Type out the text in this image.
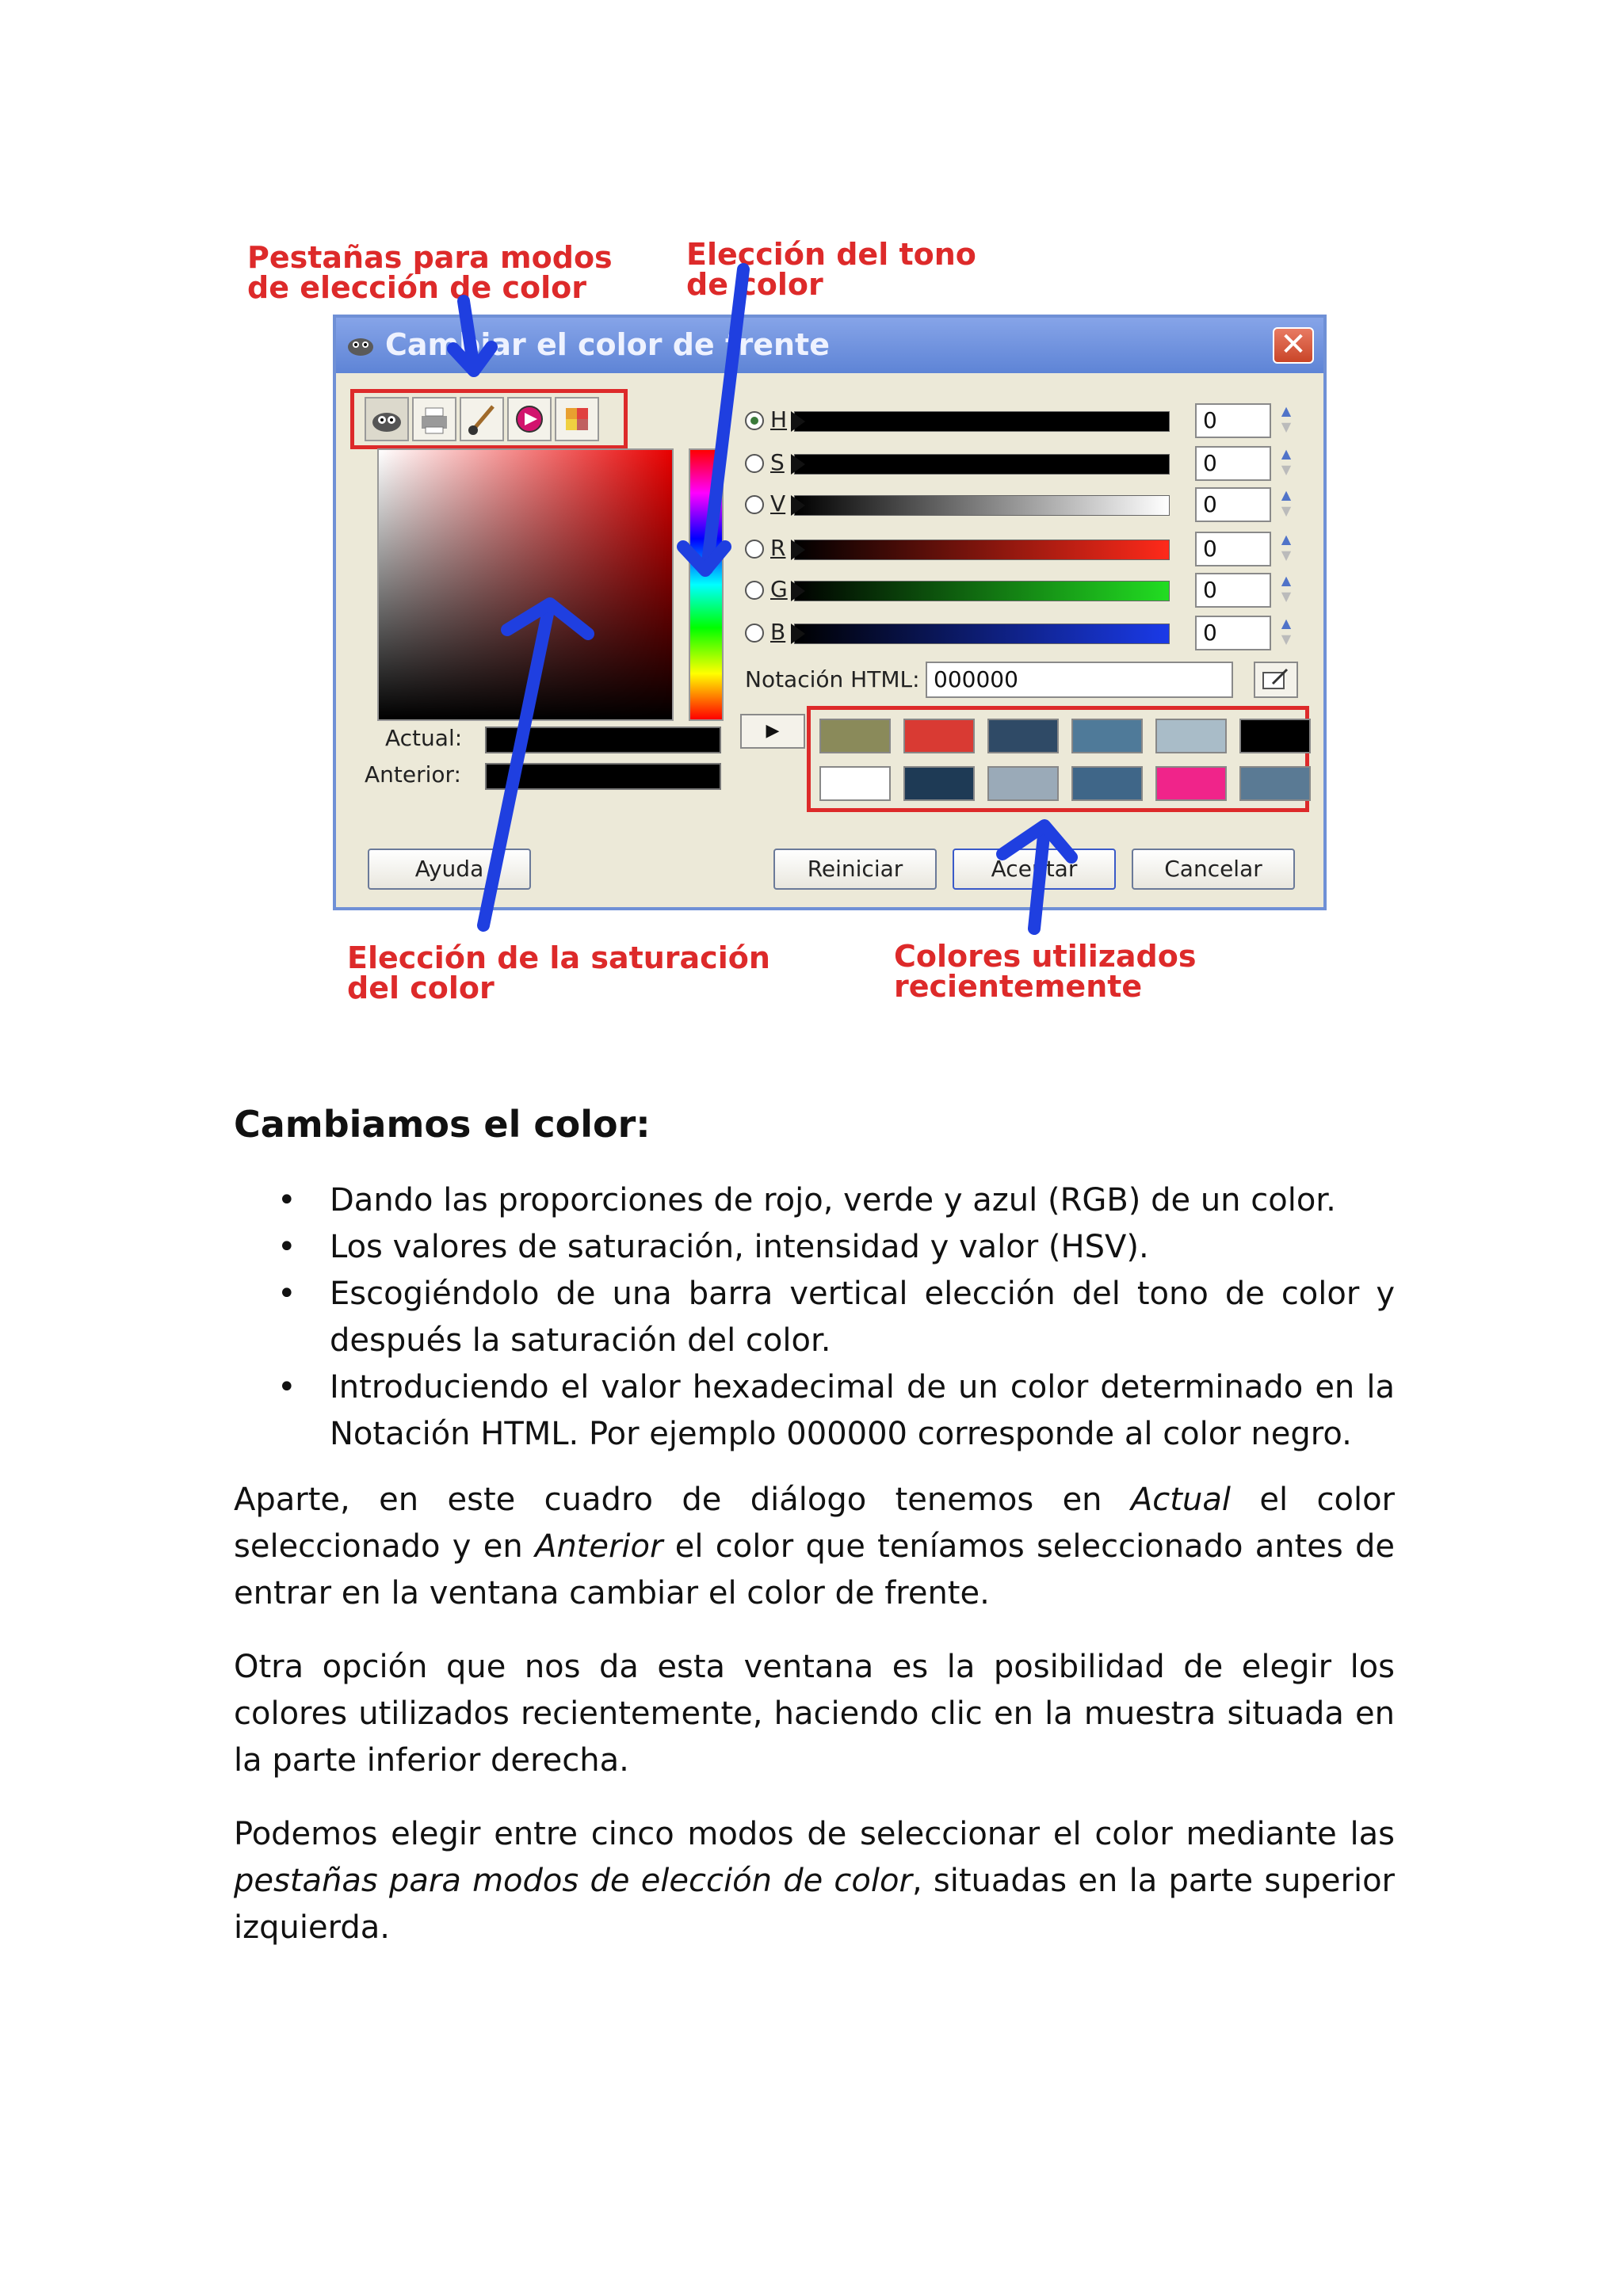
Pestañas para modos
de elección de color
Elección del tono
de color
Cambiar el color de frente	✕
Actual:
Anterior:
Notación HTML: 000000
▶
Ayuda	Reiniciar	Aceptar	Cancelar
H	0	▲
▼
S	0	▲
▼
V	0	▲
▼
R	0	▲
▼
G	0	▲
▼
B	0	▲
▼
Elección de la saturación
del color
Colores utilizados
recientemente
Cambiamos el color:
• Dando las proporciones de rojo, verde y azul (RGB) de un color.
• Los valores de saturación, intensidad y valor (HSV).
• Escogiéndolo de una barra vertical elección del tono de color y después la saturación del color.
• Introduciendo el valor hexadecimal de un color determinado en la Notación HTML. Por ejemplo 000000 corresponde al color negro.

Aparte, en este cuadro de diálogo tenemos en Actual el color seleccionado y en Anterior el color que teníamos seleccionado antes de entrar en la ventana cambiar el color de frente.

Otra opción que nos da esta ventana es la posibilidad de elegir los colores utilizados recientemente, haciendo clic en la muestra situada en la parte inferior derecha.

Podemos elegir entre cinco modos de seleccionar el color mediante las pestañas para modos de elección de color, situadas en la parte superior izquierda.
